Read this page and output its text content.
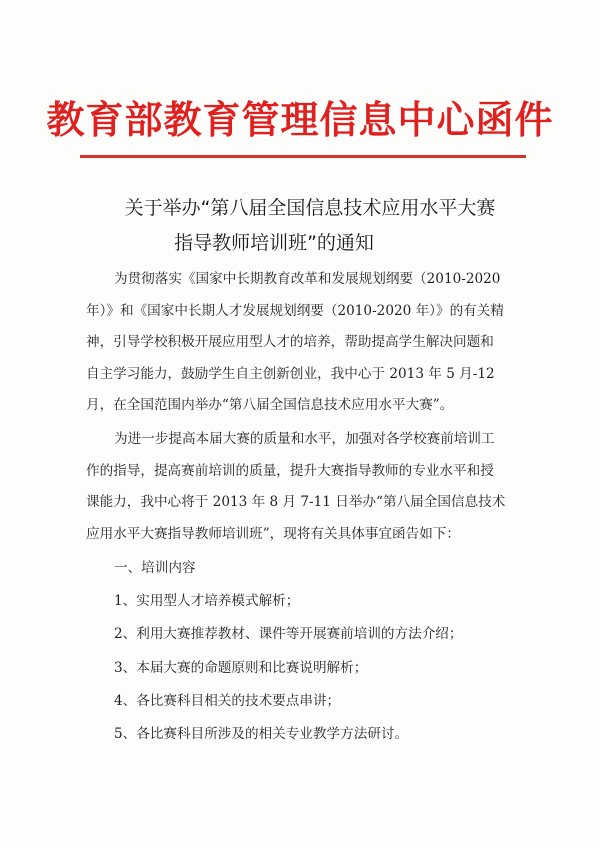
教育部教育管理信息中心函件
关于举办“第八届全国信息技术应用水平大赛
指导教师培训班”的通知
为贯彻落实《国家中长期教育改革和发展规划纲要（2010-2020
年）》和《国家中长期人才发展规划纲要（2010-2020 年）》的有关精
神，引导学校积极开展应用型人才的培养，帮助提高学生解决问题和
自主学习能力，鼓励学生自主创新创业，我中心于 2013 年 5 月-12
月，在全国范围内举办“第八届全国信息技术应用水平大赛”。
为进一步提高本届大赛的质量和水平，加强对各学校赛前培训工
作的指导，提高赛前培训的质量，提升大赛指导教师的专业水平和授
课能力，我中心将于 2013 年 8 月 7-11 日举办“第八届全国信息技术
应用水平大赛指导教师培训班”，现将有关具体事宜函告如下：
一、培训内容
1、实用型人才培养模式解析；
2、利用大赛推荐教材、课件等开展赛前培训的方法介绍；
3、本届大赛的命题原则和比赛说明解析；
4、各比赛科目相关的技术要点串讲；
5、各比赛科目所涉及的相关专业教学方法研讨。
